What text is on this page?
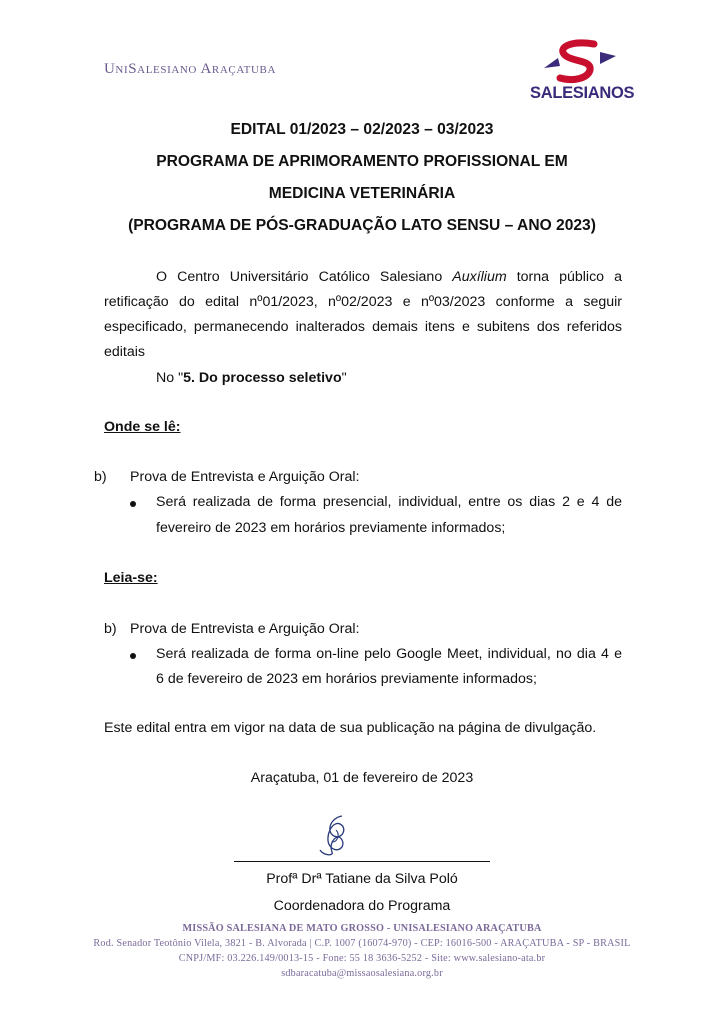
UniSalesiano Araçatuba
SALESIANOS
EDITAL 01/2023 – 02/2023 – 03/2023
PROGRAMA DE APRIMORAMENTO PROFISSIONAL EM
MEDICINA VETERINÁRIA
(PROGRAMA DE PÓS-GRADUAÇÃO LATO SENSU – ANO 2023)
O Centro Universitário Católico Salesiano Auxílium torna público a retificação do edital nº01/2023, nº02/2023 e nº03/2023 conforme a seguir especificado, permanecendo inalterados demais itens e subitens dos referidos editais
No "5. Do processo seletivo"
Onde se lê:
b) Prova de Entrevista e Arguição Oral:
Será realizada de forma presencial, individual, entre os dias 2 e 4 de
fevereiro de 2023 em horários previamente informados;
Leia-se:
b) Prova de Entrevista e Arguição Oral:
Será realizada de forma on-line pelo Google Meet, individual, no dia 4 e
6 de fevereiro de 2023 em horários previamente informados;
Este edital entra em vigor na data de sua publicação na página de divulgação.
Araçatuba, 01 de fevereiro de 2023
Profª Drª Tatiane da Silva Poló
Coordenadora do Programa
MISSÃO SALESIANA DE MATO GROSSO - UNISALESIANO ARAÇATUBA
Rod. Senador Teotônio Vilela, 3821 - B. Alvorada | C.P. 1007 (16074-970) - CEP: 16016-500 - ARAÇATUBA - SP - BRASIL
CNPJ/MF: 03.226.149/0013-15 - Fone: 55 18 3636-5252 - Site: www.salesiano-ata.br
sdbaracatuba@missaosalesiana.org.br
